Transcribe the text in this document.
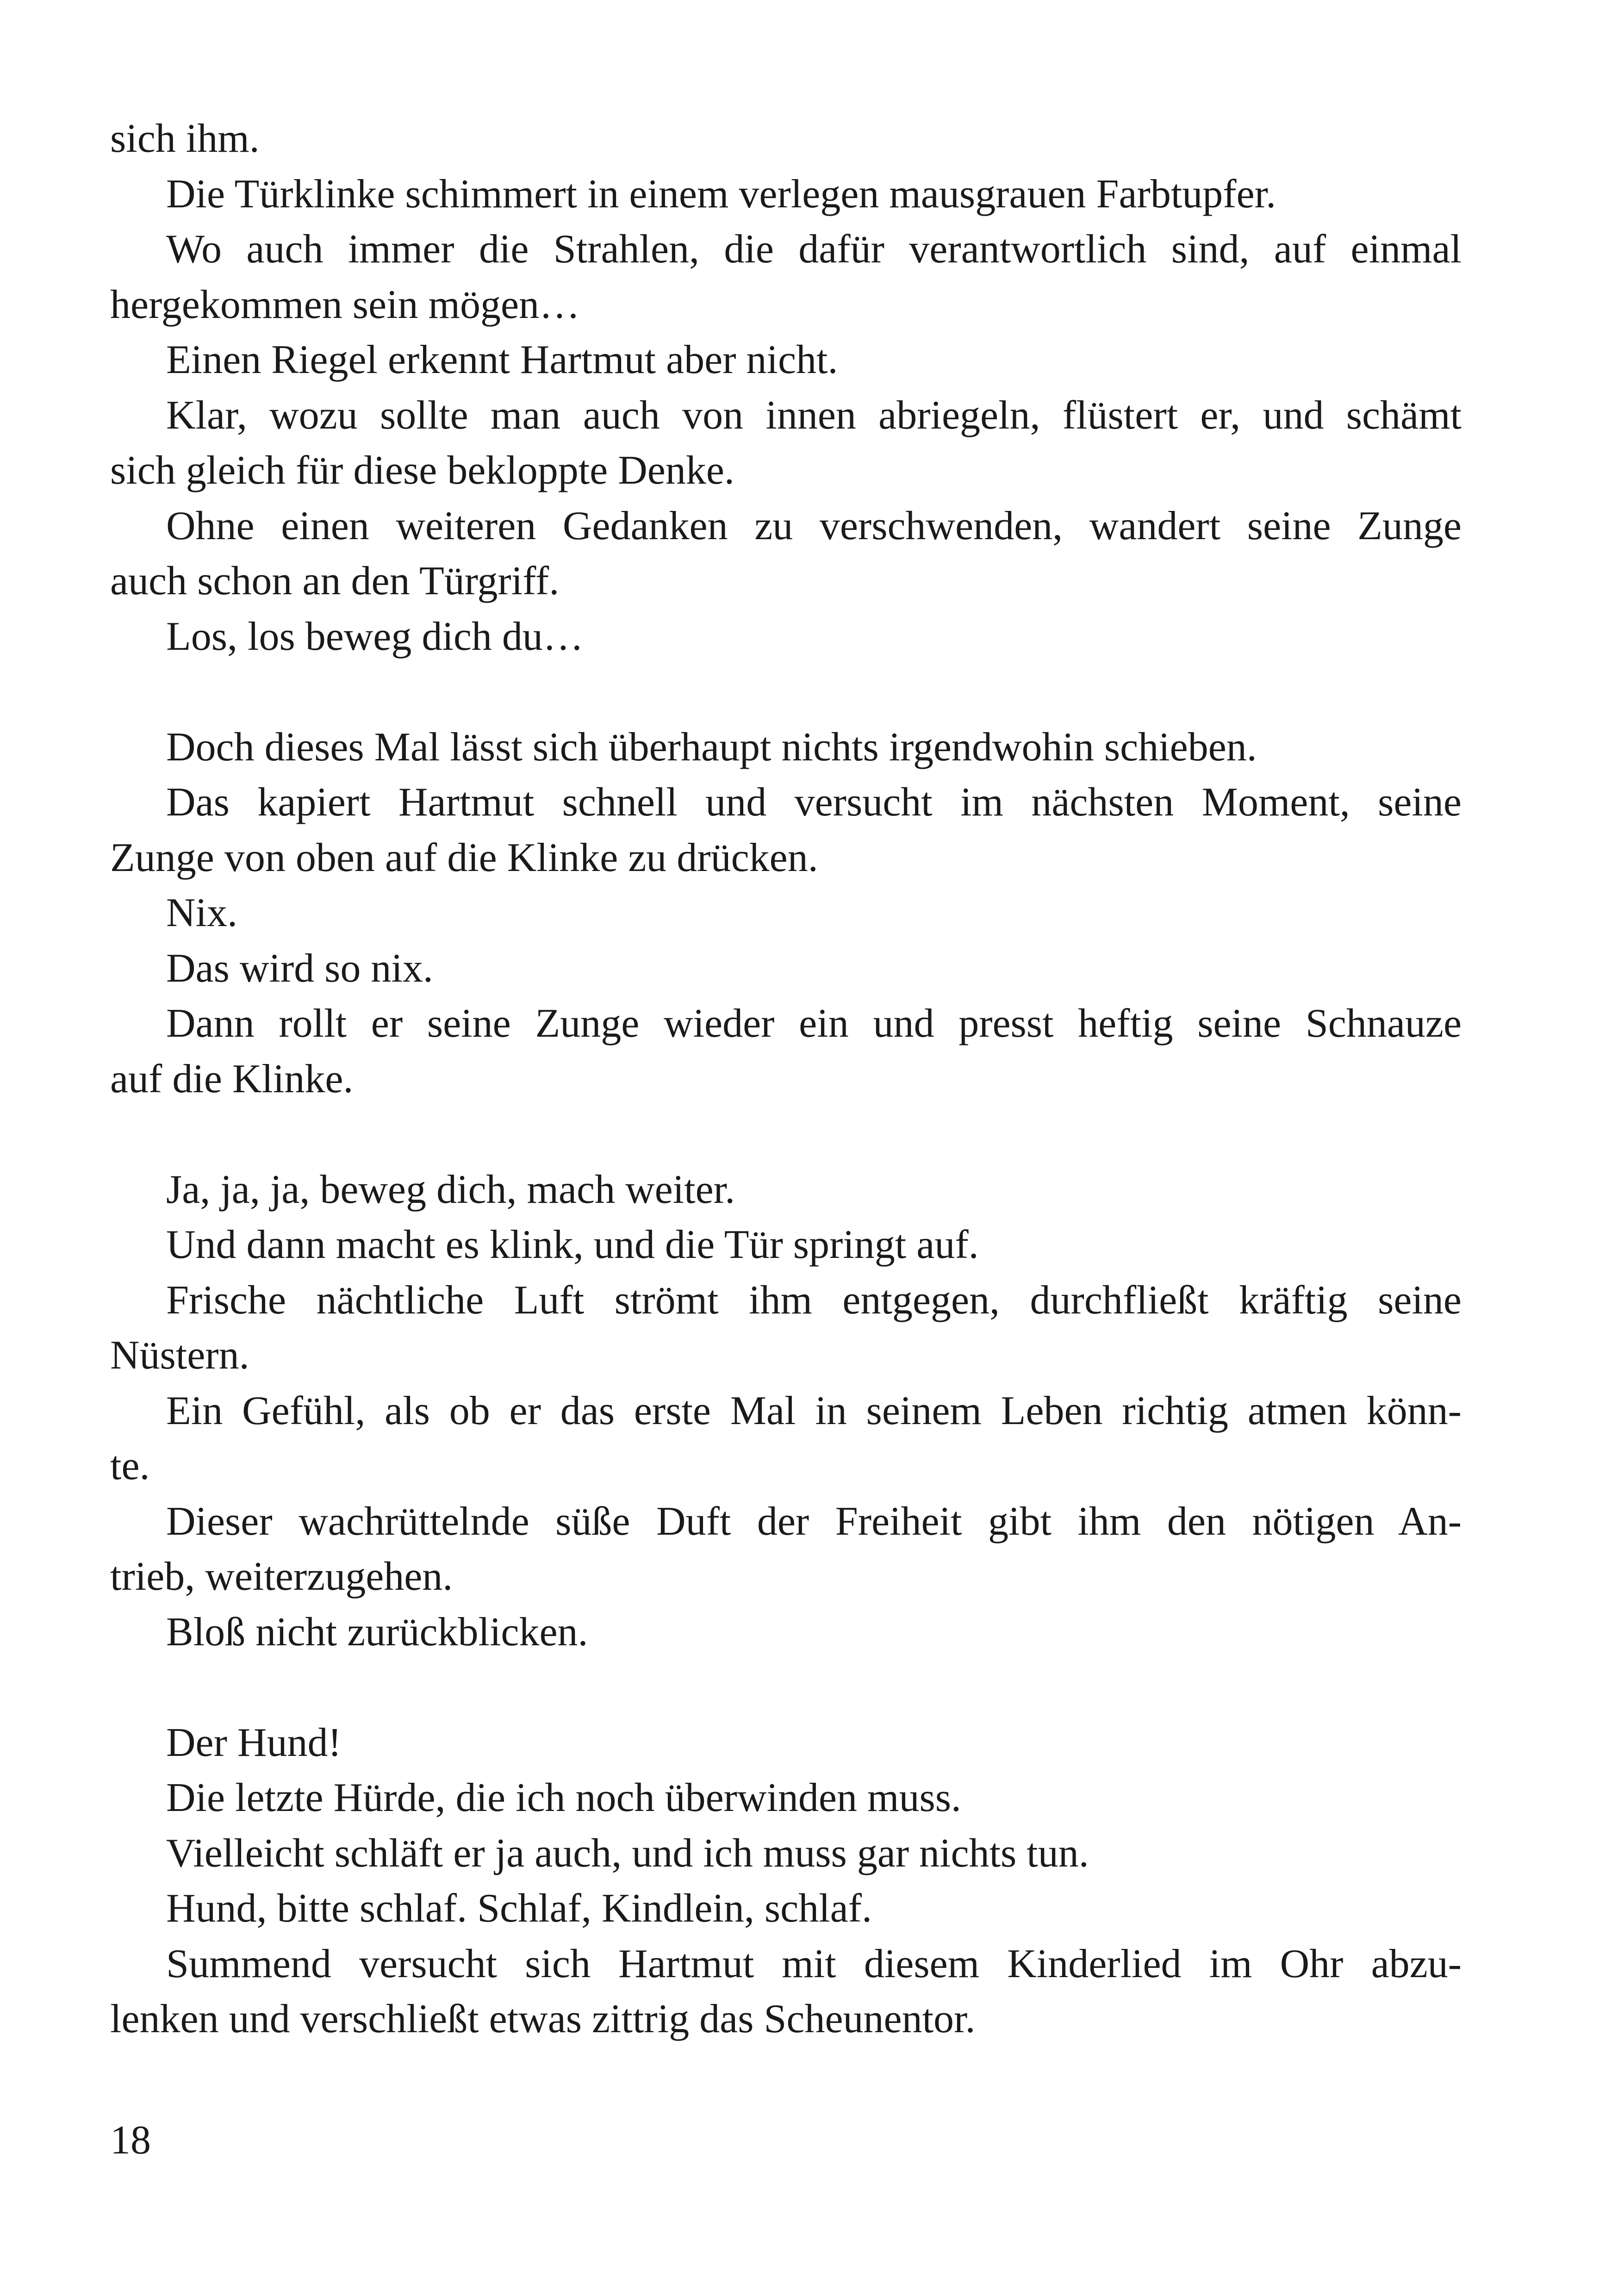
sich ihm.
Die Türklinke schimmert in einem verlegen mausgrauen Farbtupfer.
Wo auch immer die Strahlen, die dafür verantwortlich sind, auf einmal
hergekommen sein mögen…
Einen Riegel erkennt Hartmut aber nicht.
Klar, wozu sollte man auch von innen abriegeln, flüstert er, und schämt
sich gleich für diese bekloppte Denke.
Ohne einen weiteren Gedanken zu verschwenden, wandert seine Zunge
auch schon an den Türgriff.
Los, los beweg dich du…
Doch dieses Mal lässt sich überhaupt nichts irgendwohin schieben.
Das kapiert Hartmut schnell und versucht im nächsten Moment, seine
Zunge von oben auf die Klinke zu drücken.
Nix.
Das wird so nix.
Dann rollt er seine Zunge wieder ein und presst heftig seine Schnauze
auf die Klinke.
Ja, ja, ja, beweg dich, mach weiter.
Und dann macht es klink, und die Tür springt auf.
Frische nächtliche Luft strömt ihm entgegen, durchfließt kräftig seine
Nüstern.
Ein Gefühl, als ob er das erste Mal in seinem Leben richtig atmen könn-
te.
Dieser wachrüttelnde süße Duft der Freiheit gibt ihm den nötigen An-
trieb, weiterzugehen.
Bloß nicht zurückblicken.
Der Hund!
Die letzte Hürde, die ich noch überwinden muss.
Vielleicht schläft er ja auch, und ich muss gar nichts tun.
Hund, bitte schlaf. Schlaf, Kindlein, schlaf.
Summend versucht sich Hartmut mit diesem Kinderlied im Ohr abzu-
lenken und verschließt etwas zittrig das Scheunentor.
18
